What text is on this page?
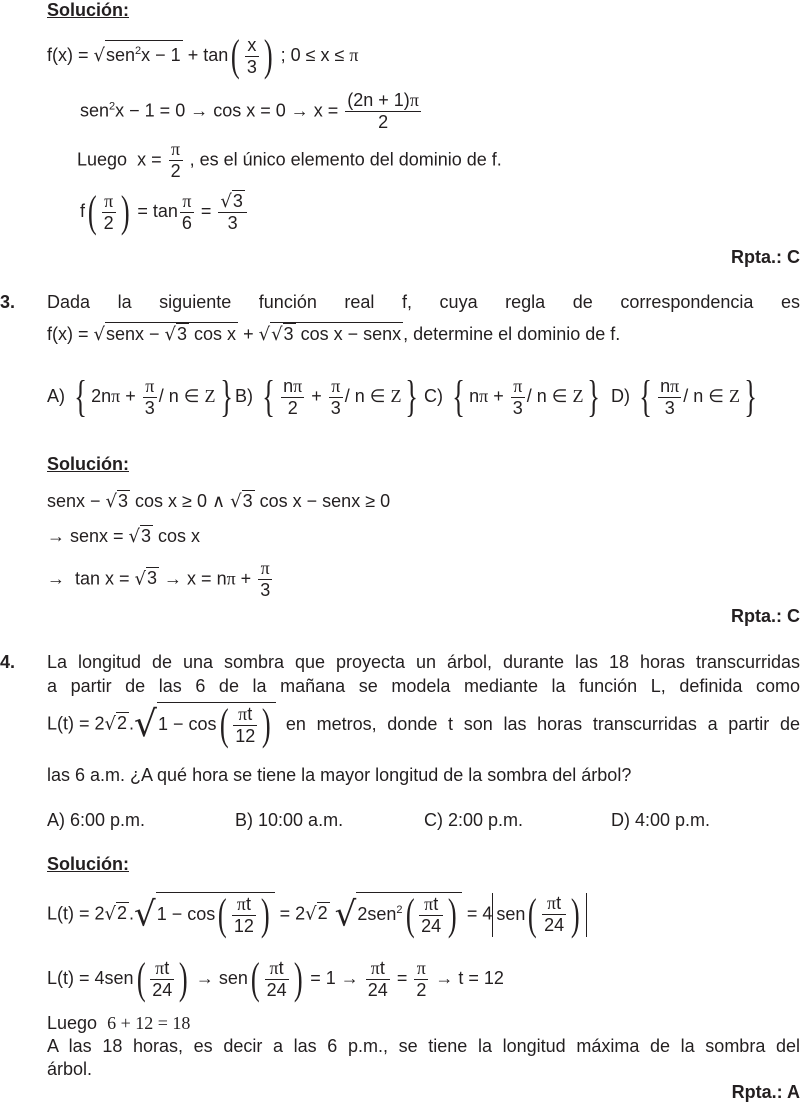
Solución:
$f(x) = √sen^2x - 1 + \tan( \frac{x}{3}$ ) ; 0 ≤ x ≤ π
$sen^2x - 1 = 0 \to \cos x = 0 \to x = \frac{(2n + 1)\pi}{2}$
Luego  $x = \frac{\pi}{2}$ , es el único elemento del dominio de f.
$f( \frac{\pi}{2}$ ) = $\tan \frac{\pi}{6} = \frac{√3}{3}$
Rpta.: C
3. Dada la siguiente función real f, cuya regla de correspondencia es
f(x) = √senx − √3 cos x + √√3 cos x − senx , determine el dominio de f.
A) { $2n\pi + \frac{\pi}{3} / n$ ∈ Z} B) { $\frac{n\pi}{2} + \frac{\pi}{3} / n$ ∈ Z} C) { $n\pi + \frac{\pi}{3} / n$ ∈ Z} D) { $\frac{n\pi}{3}$ / n ∈ Z}
Solución:
senx − √3 cos x ≥ 0 ∧ √3 cos x − senx ≥ 0
→ senx = √3 cos x
→  $\tan x = √3 \to x = n\pi + \frac{\pi}{3}$
Rpta.: C
4. La longitud de una sombra que proyecta un árbol, durante las 18 horas transcurridas
a partir de las 6 de la mañana se modela mediante la función L, definida como
L(t) = 2√2 $.√1 - \cos( \frac{\pi t}{12}$ ) en metros, donde t son las horas transcurridas a partir de
las 6 a.m. ¿A qué hora se tiene la mayor longitud de la sombra del árbol?
A) 6:00 p.m.	B) 10:00 a.m.	C) 2:00 p.m.	D) 4:00 p.m.
Solución:
L(t) = 2√2 $.√1 - \cos( \frac{\pi t}{12}$ ) = 2√2 $√2sen^2( \frac{\pi t}{24}$ ) = 4 $sen( \frac{\pi t}{24}$ )
$L(t) = 4sen( \frac{\pi t}{24}$ ) → $sen( \frac{\pi t}{24}$ ) = $1 \to \frac{\pi t}{24} = \frac{\pi}{2} \to t = 12$
Luego 6 + 12 = 18
A las 18 horas, es decir a las 6 p.m., se tiene la longitud máxima de la sombra del
árbol.
Rpta.: A
